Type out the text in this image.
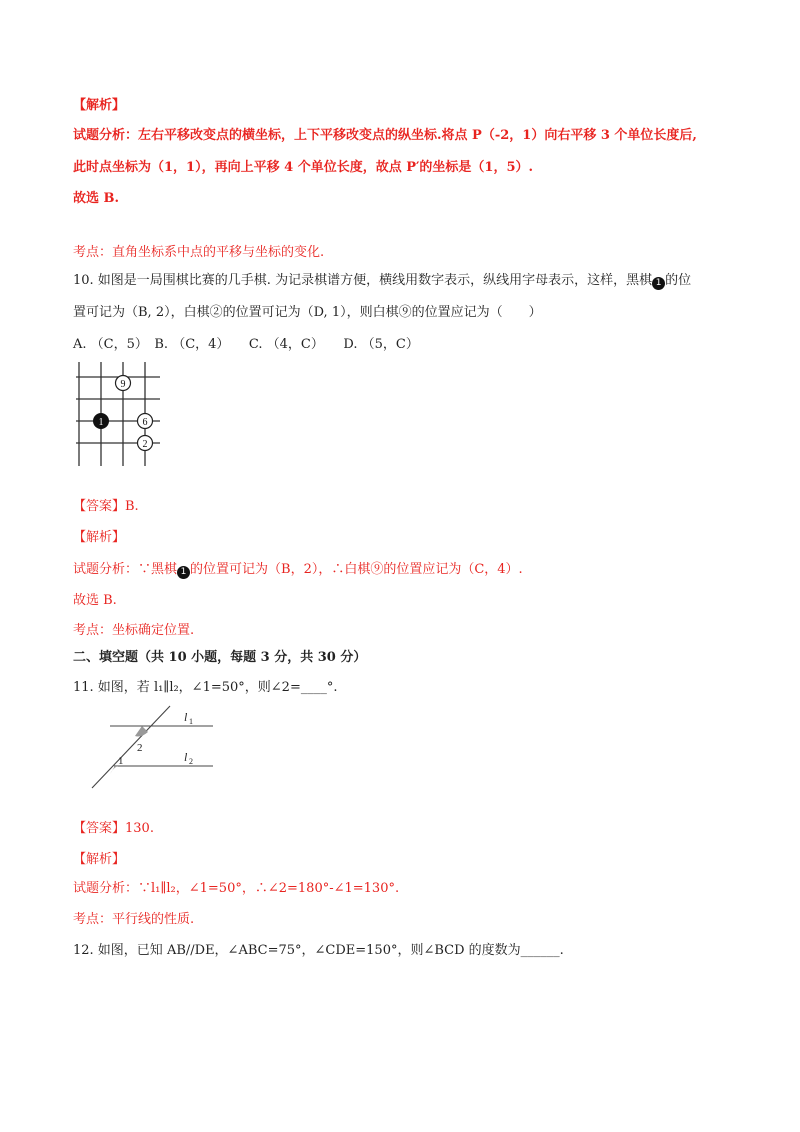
【解析】
试题分析：左右平移改变点的横坐标，上下平移改变点的纵坐标.将点 P（-2，1）向右平移 3 个单位长度后,
此时点坐标为（1，1），再向上平移 4 个单位长度，故点 P′的坐标是（1，5）.
故选 B.
考点：直角坐标系中点的平移与坐标的变化.
10. 如图是一局围棋比赛的几手棋. 为记录棋谱方便，横线用数字表示，纵线用字母表示，这样，黑棋 1 的位
置可记为（B, 2），白棋②的位置可记为（D, 1），则白棋⑨的位置应记为（　　）
A. （C，5）　B. （C，4）　　C. （4，C）　　D. （5，C）
1
9
6
2
【答案】B.
【解析】
试题分析：∵黑棋 1 的位置可记为（B，2），∴白棋⑨的位置应记为（C，4）.
故选 B.
考点：坐标确定位置.
二、填空题（共 10 小题，每题 3 分，共 30 分）
11. 如图，若 l₁∥l₂，∠1=50°，则∠2=____°.
2
1
l 1
l 2
【答案】130.
【解析】
试题分析：∵l₁∥l₂，∠1=50°，∴∠2=180°-∠1=130°.
考点：平行线的性质.
12. 如图，已知 AB//DE，∠ABC=75°，∠CDE=150°，则∠BCD 的度数为______.
